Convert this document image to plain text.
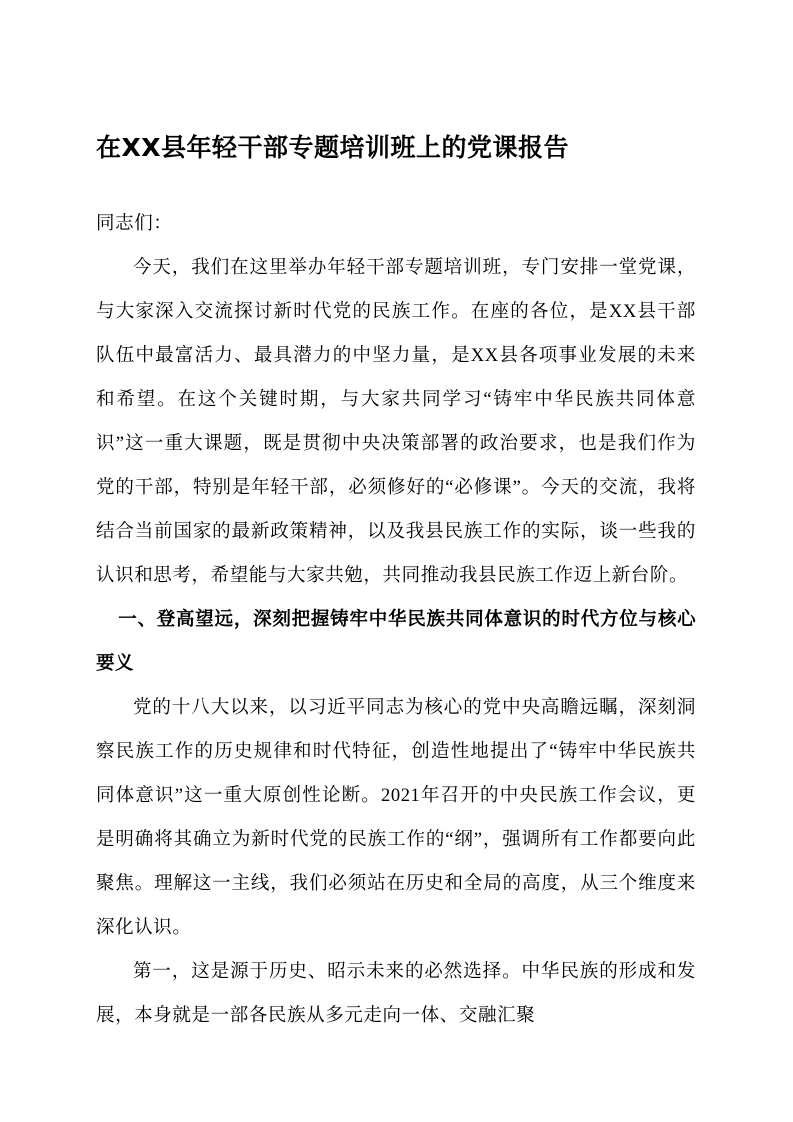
在XX县年轻干部专题培训班上的党课报告
同志们：

今天，我们在这里举办年轻干部专题培训班，专门安排一堂党课，与大家深入交流探讨新时代党的民族工作。在座的各位，是XX县干部队伍中最富活力、最具潜力的中坚力量，是XX县各项事业发展的未来和希望。在这个关键时期，与大家共同学习“铸牢中华民族共同体意识”这一重大课题，既是贯彻中央决策部署的政治要求，也是我们作为党的干部，特别是年轻干部，必须修好的“必修课”。今天的交流，我将结合当前国家的最新政策精神，以及我县民族工作的实际，谈一些我的认识和思考，希望能与大家共勉，共同推动我县民族工作迈上新台阶。

一、登高望远，深刻把握铸牢中华民族共同体意识的时代方位与核心要义

党的十八大以来，以习近平同志为核心的党中央高瞻远瞩，深刻洞察民族工作的历史规律和时代特征，创造性地提出了“铸牢中华民族共同体意识”这一重大原创性论断。2021年召开的中央民族工作会议，更是明确将其确立为新时代党的民族工作的“纲”，强调所有工作都要向此聚焦。理解这一主线，我们必须站在历史和全局的高度，从三个维度来深化认识。

第一，这是源于历史、昭示未来的必然选择。中华民族的形成和发展，本身就是一部各民族从多元走向一体、交融汇聚
